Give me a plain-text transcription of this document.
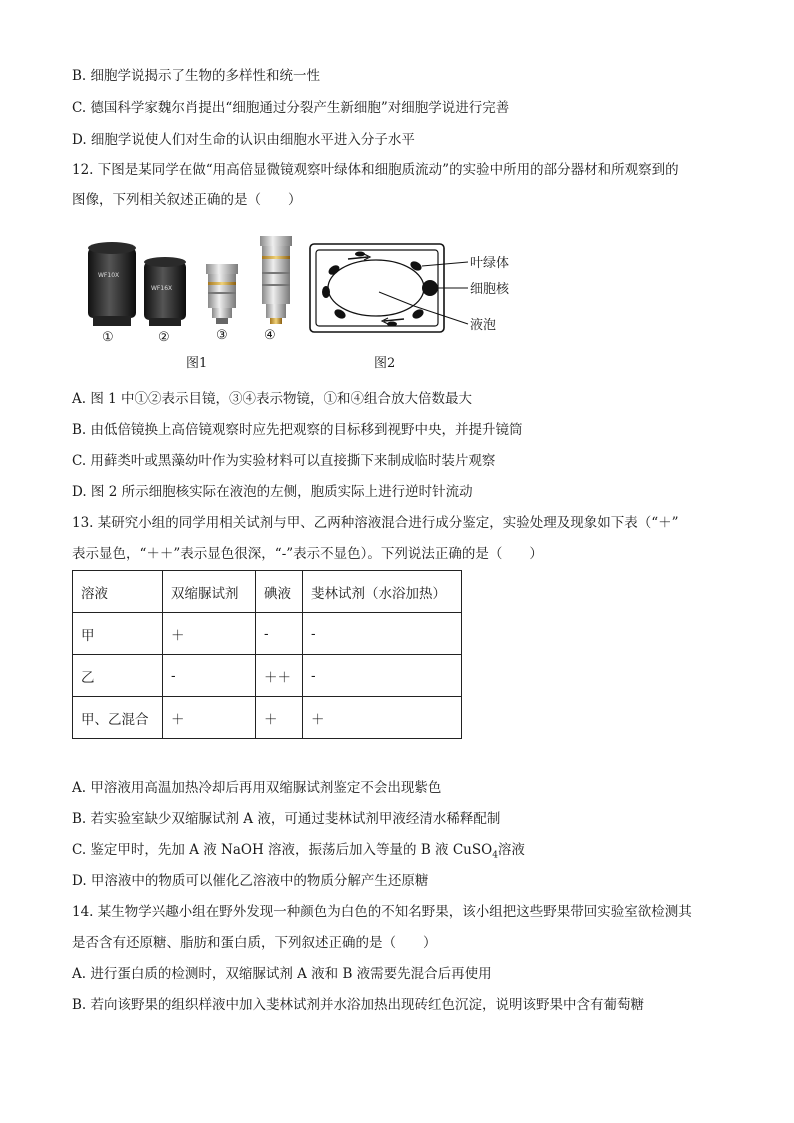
B. 细胞学说揭示了生物的多样性和统一性
C. 德国科学家魏尔肖提出“细胞通过分裂产生新细胞”对细胞学说进行完善
D. 细胞学说使人们对生命的认识由细胞水平进入分子水平
12. 下图是某同学在做“用高倍显微镜观察叶绿体和细胞质流动”的实验中所用的部分器材和所观察到的
图像，下列相关叙述正确的是（　　）
WF10X
WF16X
叶绿体
细胞核
液泡
①	②	③	④
图1	图2
A. 图 1 中①②表示目镜，③④表示物镜，①和④组合放大倍数最大
B. 由低倍镜换上高倍镜观察时应先把观察的目标移到视野中央，并提升镜筒
C. 用藓类叶或黑藻幼叶作为实验材料可以直接撕下来制成临时装片观察
D. 图 2 所示细胞核实际在液泡的左侧，胞质实际上进行逆时针流动
13. 某研究小组的同学用相关试剂与甲、乙两种溶液混合进行成分鉴定，实验处理及现象如下表（“＋”
表示显色，“＋＋”表示显色很深，“-”表示不显色）。下列说法正确的是（　　）
溶液	双缩脲试剂	碘液	斐林试剂（水浴加热）
甲	＋	-	-
乙	-	＋＋	-
甲、乙混合	＋	＋	＋
A. 甲溶液用高温加热冷却后再用双缩脲试剂鉴定不会出现紫色
B. 若实验室缺少双缩脲试剂 A 液，可通过斐林试剂甲液经清水稀释配制
C. 鉴定甲时，先加 A 液 NaOH 溶液，振荡后加入等量的 B 液 CuSO$_4$溶液
D. 甲溶液中的物质可以催化乙溶液中的物质分解产生还原糖
14. 某生物学兴趣小组在野外发现一种颜色为白色的不知名野果，该小组把这些野果带回实验室欲检测其
是否含有还原糖、脂肪和蛋白质，下列叙述正确的是（　　）
A. 进行蛋白质的检测时，双缩脲试剂 A 液和 B 液需要先混合后再使用
B. 若向该野果的组织样液中加入斐林试剂并水浴加热出现砖红色沉淀，说明该野果中含有葡萄糖
